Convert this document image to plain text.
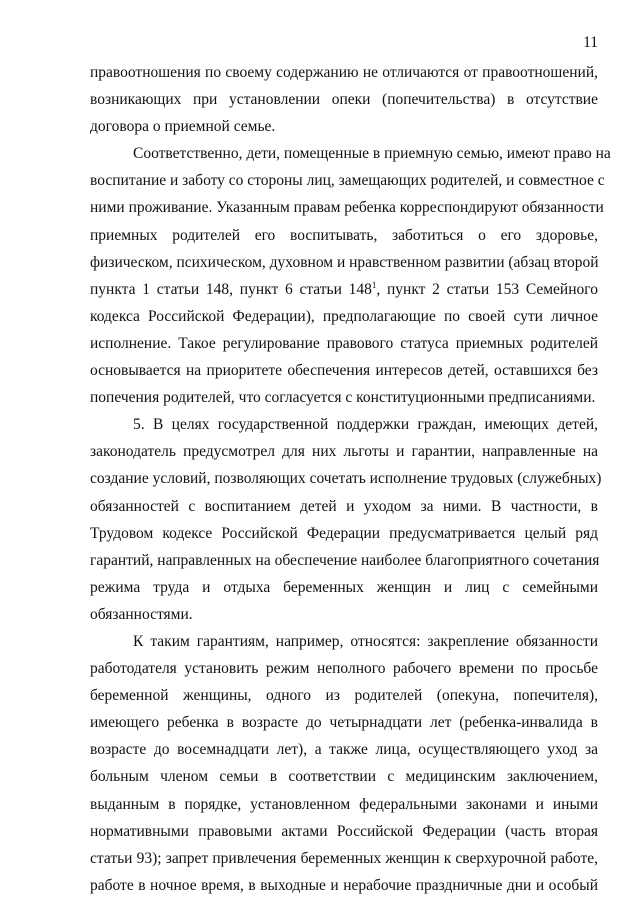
11
правоотношения по своему содержанию не отличаются от правоотношений,
возникающих при установлении опеки (попечительства) в отсутствие
договора о приемной семье.
Соответственно, дети, помещенные в приемную семью, имеют право на
воспитание и заботу со стороны лиц, замещающих родителей, и совместное с
ними проживание. Указанным правам ребенка корреспондируют обязанности
приемных родителей его воспитывать, заботиться о его здоровье,
физическом, психическом, духовном и нравственном развитии (абзац второй
пункта 1 статьи 148, пункт 6 статьи $148^1$, пункт 2 статьи 153 Семейного
кодекса Российской Федерации), предполагающие по своей сути личное
исполнение. Такое регулирование правового статуса приемных родителей
основывается на приоритете обеспечения интересов детей, оставшихся без
попечения родителей, что согласуется с конституционными предписаниями.
5. В целях государственной поддержки граждан, имеющих детей,
законодатель предусмотрел для них льготы и гарантии, направленные на
создание условий, позволяющих сочетать исполнение трудовых (служебных)
обязанностей с воспитанием детей и уходом за ними. В частности, в
Трудовом кодексе Российской Федерации предусматривается целый ряд
гарантий, направленных на обеспечение наиболее благоприятного сочетания
режима труда и отдыха беременных женщин и лиц с семейными
обязанностями.
К таким гарантиям, например, относятся: закрепление обязанности
работодателя установить режим неполного рабочего времени по просьбе
беременной женщины, одного из родителей (опекуна, попечителя),
имеющего ребенка в возрасте до четырнадцати лет (ребенка-инвалида в
возрасте до восемнадцати лет), а также лица, осуществляющего уход за
больным членом семьи в соответствии с медицинским заключением,
выданным в порядке, установленном федеральными законами и иными
нормативными правовыми актами Российской Федерации (часть вторая
статьи 93); запрет привлечения беременных женщин к сверхурочной работе,
работе в ночное время, в выходные и нерабочие праздничные дни и особый
